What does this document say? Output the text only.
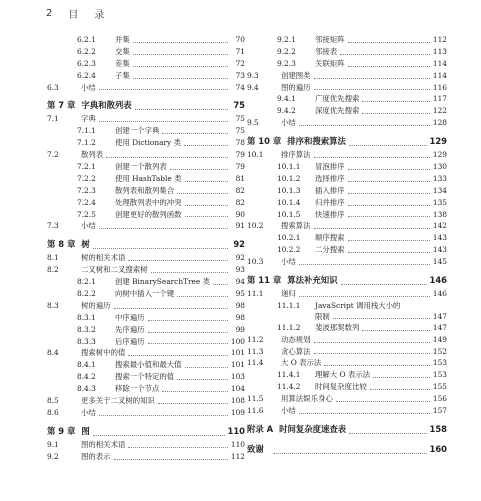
2 目 录
6.2.1	并集	70
6.2.2	交集	71
6.2.3	差集	72
6.2.4	子集	73
6.3	小结	74
第 7 章 字典和散列表	75
7.1	字典	75
7.1.1	创建一个字典	75
7.1.2	使用 Dictionary 类	78
7.2	散列表	79
7.2.1	创建一个散列表	79
7.2.2	使用 HashTable 类	81
7.2.3	散列表和散列集合	82
7.2.4	处理散列表中的冲突	82
7.2.5	创建更好的散列函数	90
7.3	小结	91
第 8 章 树	92
8.1	树的相关术语	92
8.2	二叉树和二叉搜索树	93
8.2.1	创建 BinarySearchTree 类	94
8.2.2	向树中插入一个键	95
8.3	树的遍历	98
8.3.1	中序遍历	98
8.3.2	先序遍历	99
8.3.3	后序遍历	100
8.4	搜索树中的值	101
8.4.1	搜索最小值和最大值	101
8.4.2	搜索一个特定的值	103
8.4.3	移除一个节点	104
8.5	更多关于二叉树的知识	108
8.6	小结	109
第 9 章 图	110
9.1	图的相关术语	110
9.2	图的表示	112
9.2.1	邻接矩阵	112
9.2.2	邻接表	113
9.2.3	关联矩阵	114
9.3	创建图类	114
9.4	图的遍历	116
9.4.1	广度优先搜索	117
9.4.2	深度优先搜索	122
9.5	小结	128
第 10 章 排序和搜索算法	129
10.1	排序算法	129
10.1.1	冒泡排序	130
10.1.2	选择排序	133
10.1.3	插入排序	134
10.1.4	归并排序	135
10.1.5	快速排序	138
10.2	搜索算法	142
10.2.1	顺序搜索	143
10.2.2	二分搜索	143
10.3	小结	145
第 11 章 算法补充知识	146
11.1	递归	146
11.1.1	JavaScript 调用栈大小的
限制	147
11.1.2	斐波那契数列	147
11.2	动态规划	149
11.3	贪心算法	152
11.4	大 O 表示法	153
11.4.1	理解大 O 表示法	153
11.4.2	时间复杂度比较	155
11.5	用算法娱乐身心	156
11.6	小结	157
附录 A 时间复杂度速查表	158
致谢	160
